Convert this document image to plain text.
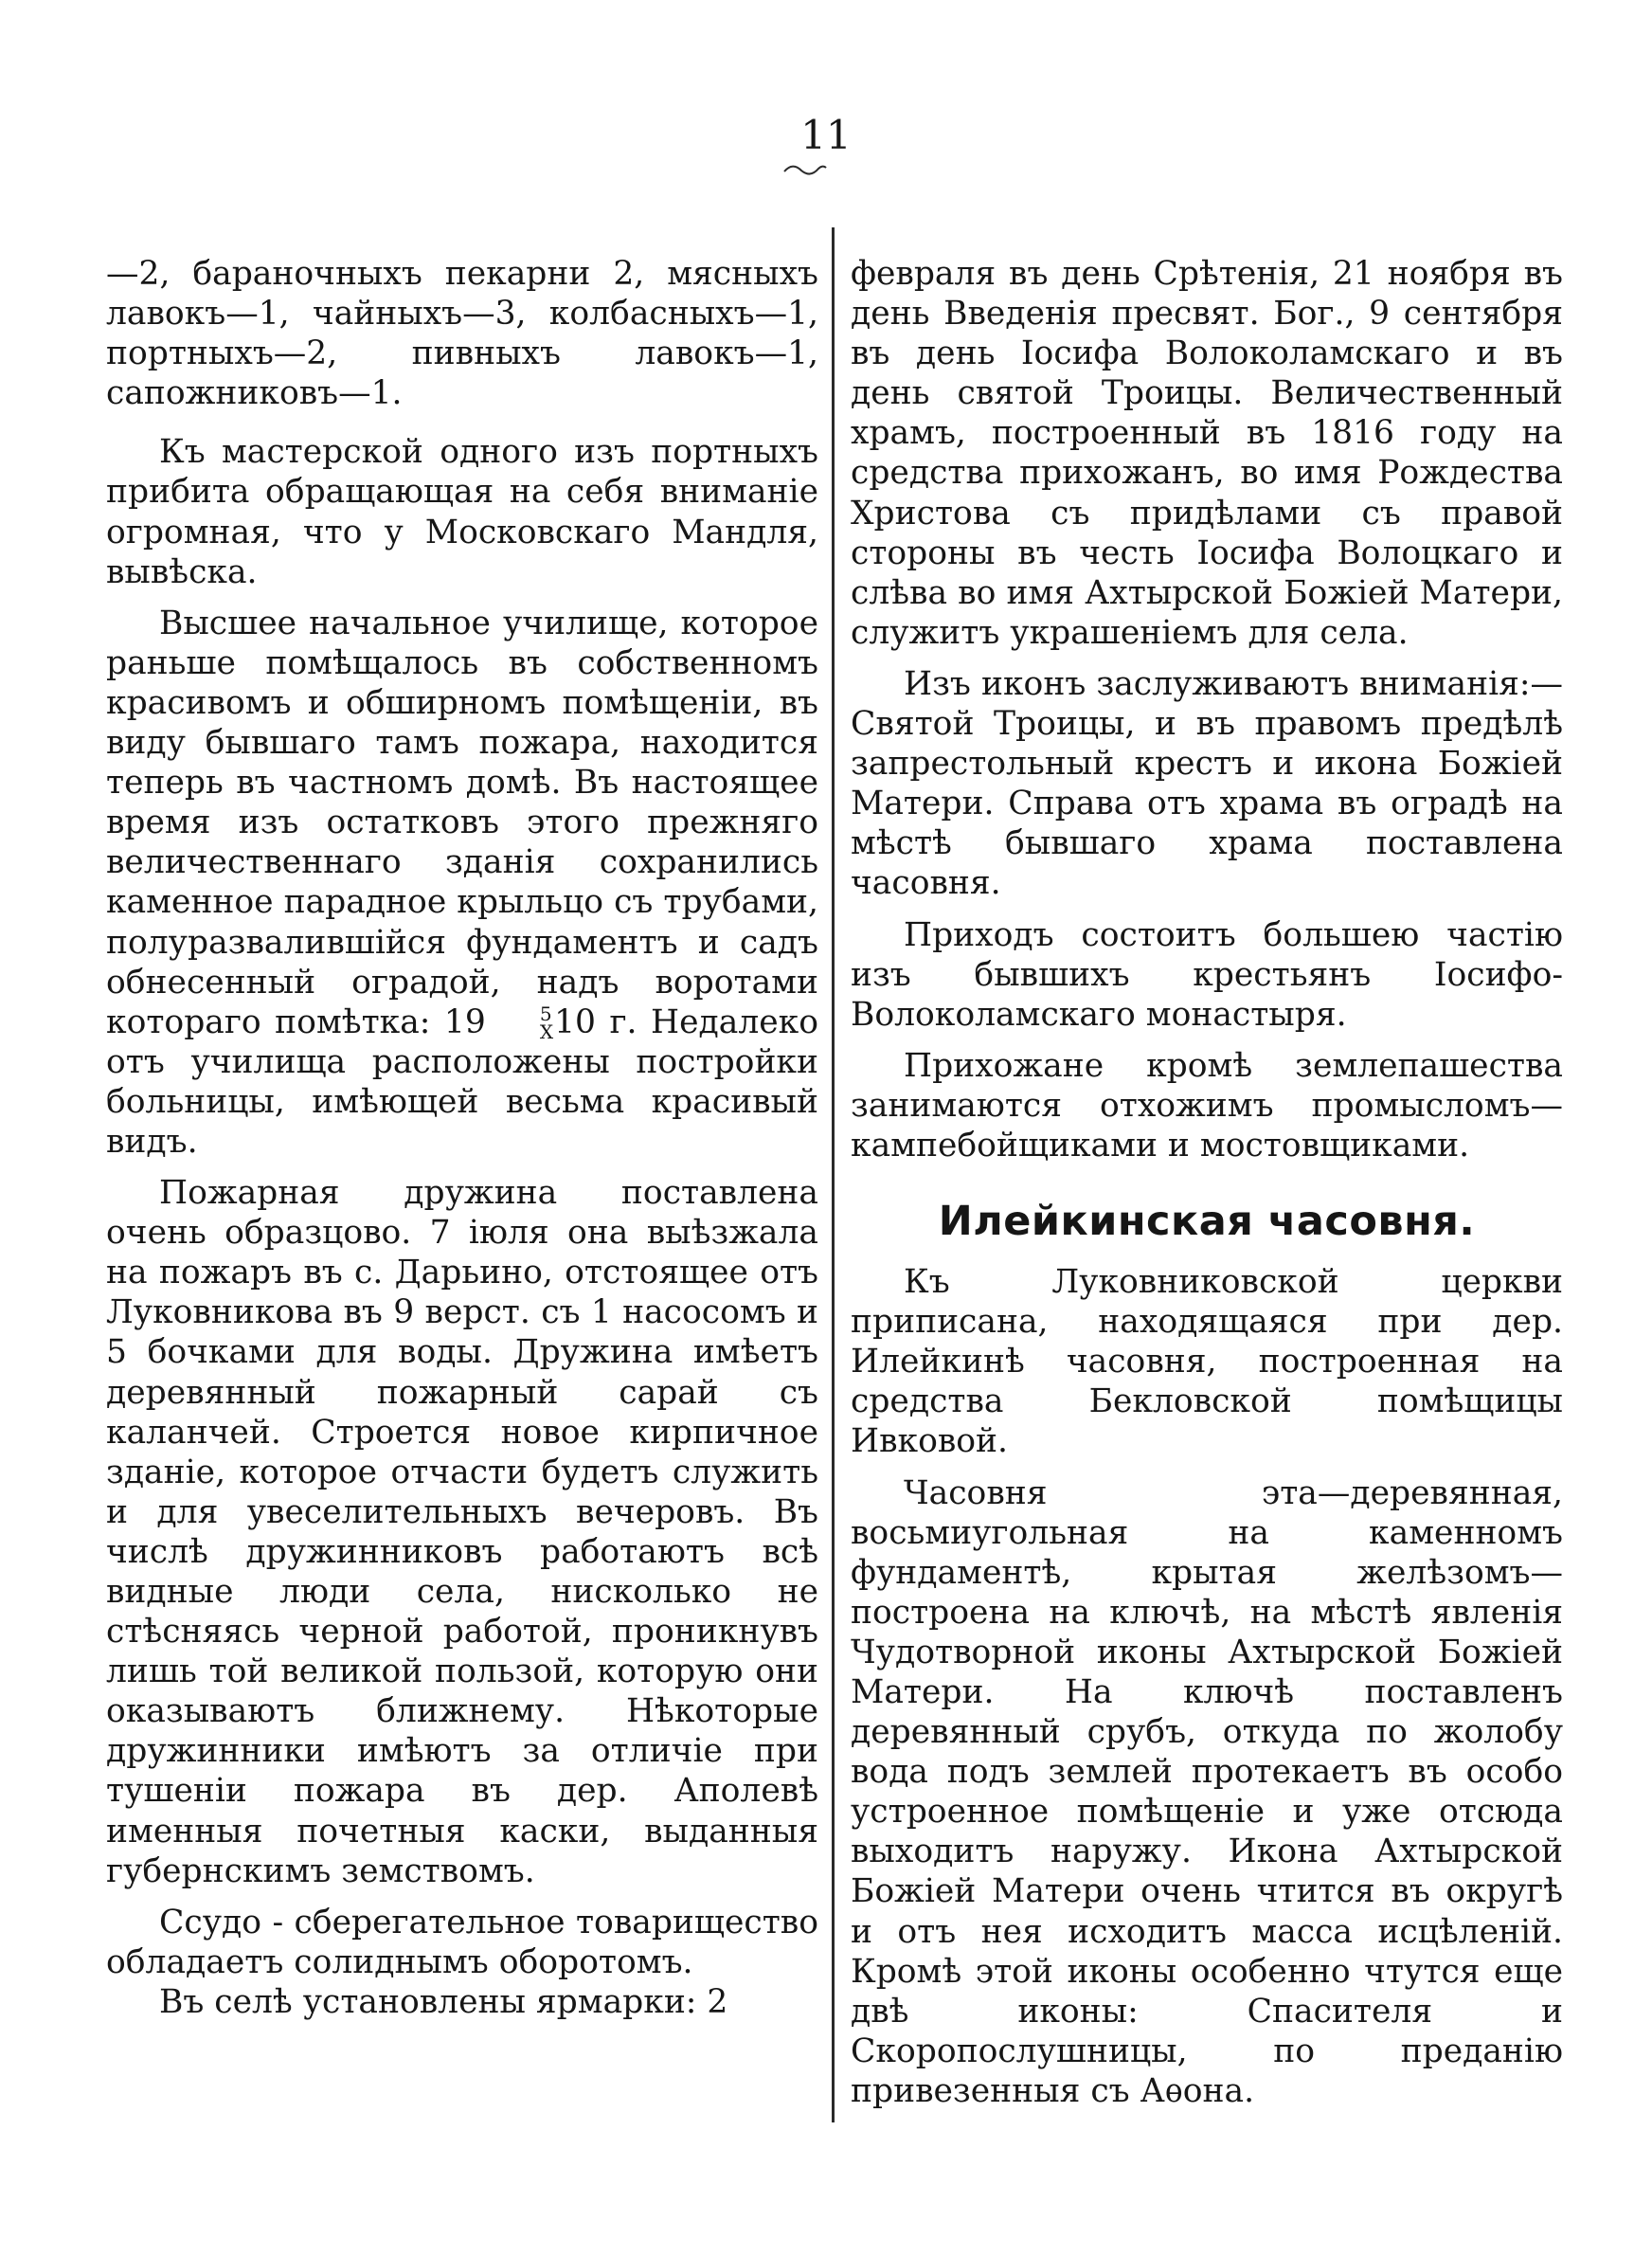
11

—2, бараночныхъ пекарни 2, мясныхъ лавокъ—1, чайныхъ—3, колбасныхъ—1, портныхъ—2, пивныхъ лавокъ—1, сапожниковъ—1.

Къ мастерской одного изъ портныхъ прибита обращающая на себя вниманіе огромная, что у Московскаго Мандля, вывѣска.

Высшее начальное училище, которое раньше помѣщалось въ собственномъ красивомъ и обширномъ помѣщеніи, въ виду бывшаго тамъ пожара, находится теперь въ частномъ домѣ. Въ настоящее время изъ остатковъ этого прежняго величественнаго зданія сохранились каменное парадное крыльцо съ трубами, полуразвалившійся фундаментъ и садъ обнесенный оградой, надъ воротами котораго помѣтка: 19	5
X 10 г. Недалеко отъ училища расположены постройки больницы, имѣющей весьма красивый видъ.

Пожарная дружина поставлена очень образцово. 7 іюля она выѣзжала на пожаръ въ с. Дарьино, отстоящее отъ Луковникова въ 9 верст. съ 1 насосомъ и 5 бочками для воды. Дружина имѣетъ деревянный пожарный сарай съ каланчей. Строется новое кирпичное зданіе, которое отчасти будетъ служить и для увеселительныхъ вечеровъ. Въ числѣ дружинниковъ работаютъ всѣ видные люди села, нисколько не стѣсняясь черной работой, проникнувъ лишь той великой пользой, которую они оказываютъ ближнему. Нѣкоторые дружинники имѣютъ за отличіе при тушеніи пожара въ дер. Аполевѣ именныя почетныя каски, выданныя губернскимъ земствомъ.

Ссудо - сберегательное товарищество обладаетъ солиднымъ оборотомъ.

Въ селѣ установлены ярмарки: 2

февраля въ день Срѣтенія, 21 ноября въ день Введенія пресвят. Бог., 9 сентября въ день Іосифа Волоколамскаго и въ день святой Троицы. Величественный храмъ, построенный въ 1816 году на средства прихожанъ, во имя Рождества Христова съ придѣлами съ правой стороны въ честь Іосифа Волоцкаго и слѣва во имя Ахтырской Божіей Матери, служитъ украшеніемъ для села.

Изъ иконъ заслуживаютъ вниманія:—Святой Троицы, и въ правомъ предѣлѣ запрестольный крестъ и икона Божіей Матери. Справа отъ храма въ оградѣ на мѣстѣ бывшаго храма поставлена часовня.

Приходъ состоитъ большею частію изъ бывшихъ крестьянъ Іосифо-Волоколамскаго монастыря.

Прихожане кромѣ землепашества занимаются отхожимъ промысломъ—кампебойщиками и мостовщиками.

Илейкинская часовня.

Къ Луковниковской церкви приписана, находящаяся при дер. Илейкинѣ часовня, построенная на средства Бекловской помѣщицы Ивковой.

Часовня эта—деревянная, восьмиугольная на каменномъ фундаментѣ, крытая желѣзомъ—построена на ключѣ, на мѣстѣ явленія Чудотворной иконы Ахтырской Божіей Матери. На ключѣ поставленъ деревянный срубъ, откуда по жолобу вода подъ землей протекаетъ въ особо устроенное помѣщеніе и уже отсюда выходитъ наружу. Икона Ахтырской Божіей Матери очень чтится въ округѣ и отъ нея исходитъ масса исцѣленій. Кромѣ этой иконы особенно чтутся еще двѣ иконы: Спасителя и Скоропослушницы, по преданію привезенныя съ Аѳона.
